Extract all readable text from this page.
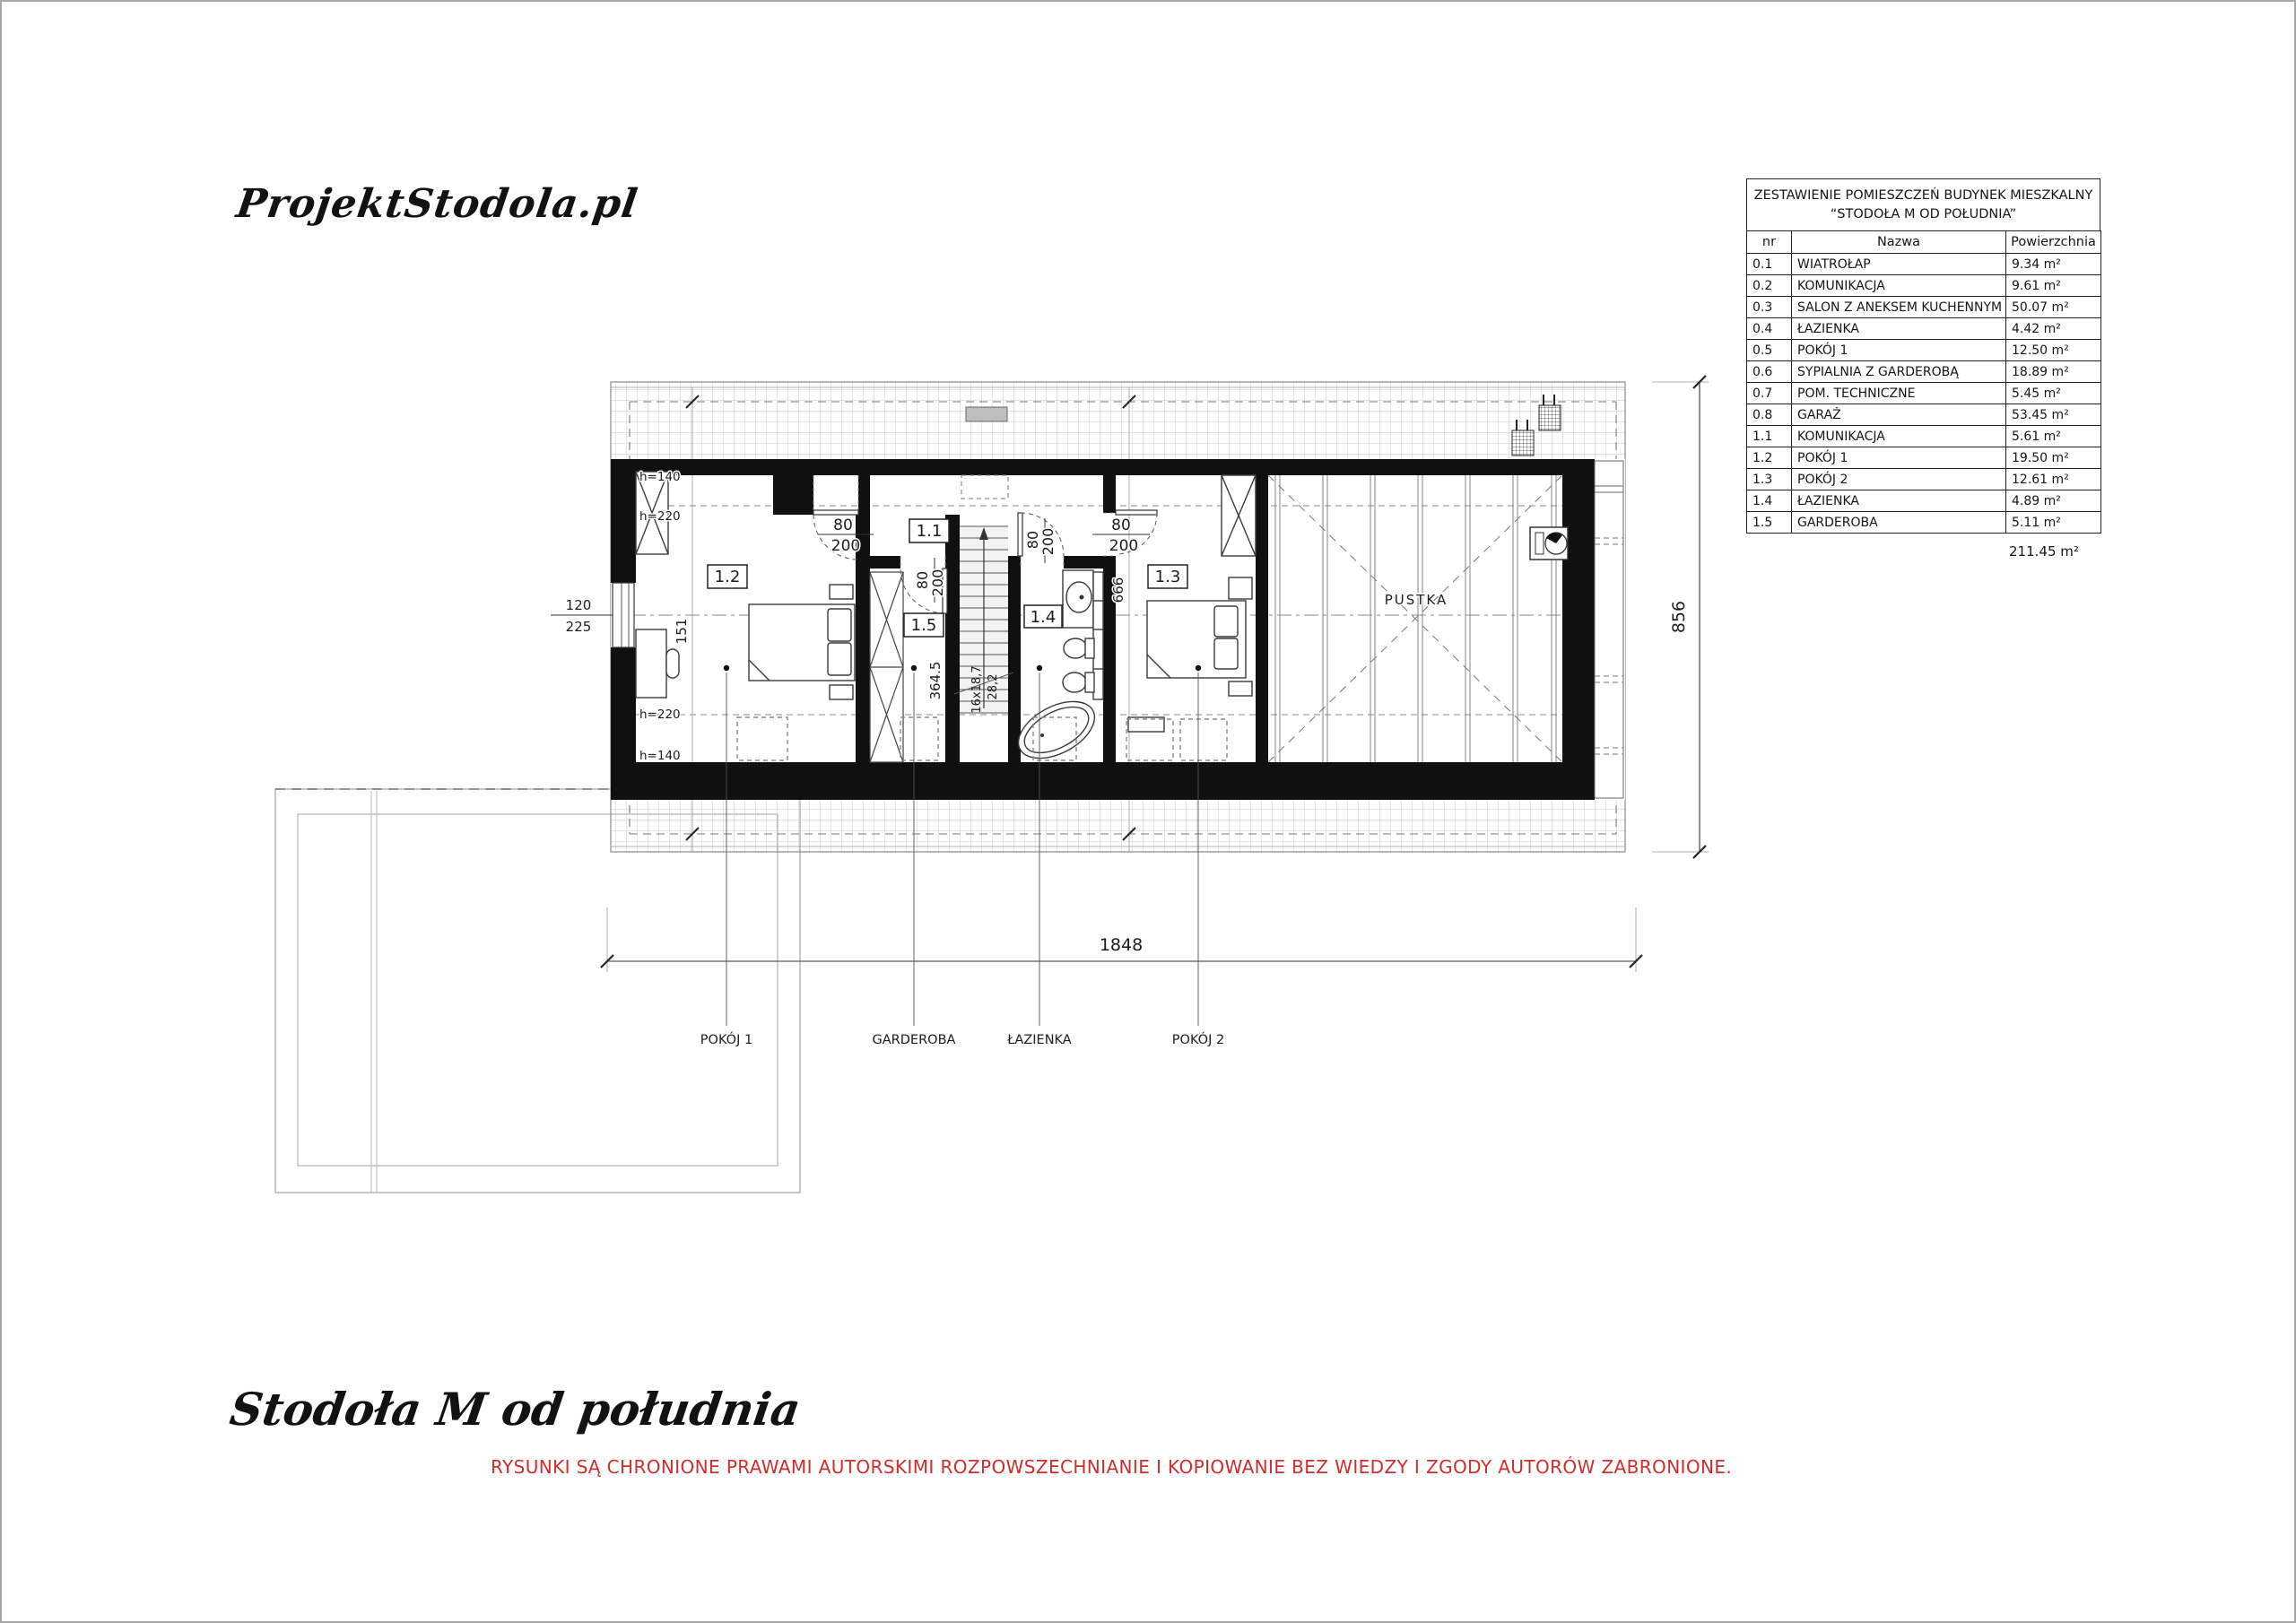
ProjektStodola.pl	ZESTAWIENIE POMIESZCZEŃ BUDYNEK MIESZKALNY
“STODOŁA M OD POŁUDNIA”
nr	Nazwa	Powierzchnia
0.1	WIATROŁAP	9.34 m²
0.2	KOMUNIKACJA	9.61 m²
0.3	SALON Z ANEKSEM KUCHENNYM	50.07 m²
0.4	ŁAZIENKA	4.42 m²
0.5	POKÓJ 1	12.50 m²
0.6	SYPIALNIA Z GARDEROBĄ	18.89 m²
0.7	POM. TECHNICZNE	5.45 m²
0.8	GARAŻ	53.45 m²
1.1	KOMUNIKACJA	5.61 m²
1.2	POKÓJ 1	19.50 m²
1.3	POKÓJ 2	12.61 m²
1.4	ŁAZIENKA	4.89 m²
1.5	GARDEROBA	5.11 m²
211.45 m²
16x18,7 28,2
PUSTKA
80
200
80
200
80
200
80
200
151
364.5
666
h=140
h=220
h=220
h=140
120
225
1.2
1.1
1.5	1.4
1.3
POKÓJ 1	GARDEROBA	ŁAZIENKA	POKÓJ 2
1848
856
Stodoła M od południa
RYSUNKI SĄ CHRONIONE PRAWAMI AUTORSKIMI ROZPOWSZECHNIANIE I KOPIOWANIE BEZ WIEDZY I ZGODY AUTORÓW ZABRONIONE.
